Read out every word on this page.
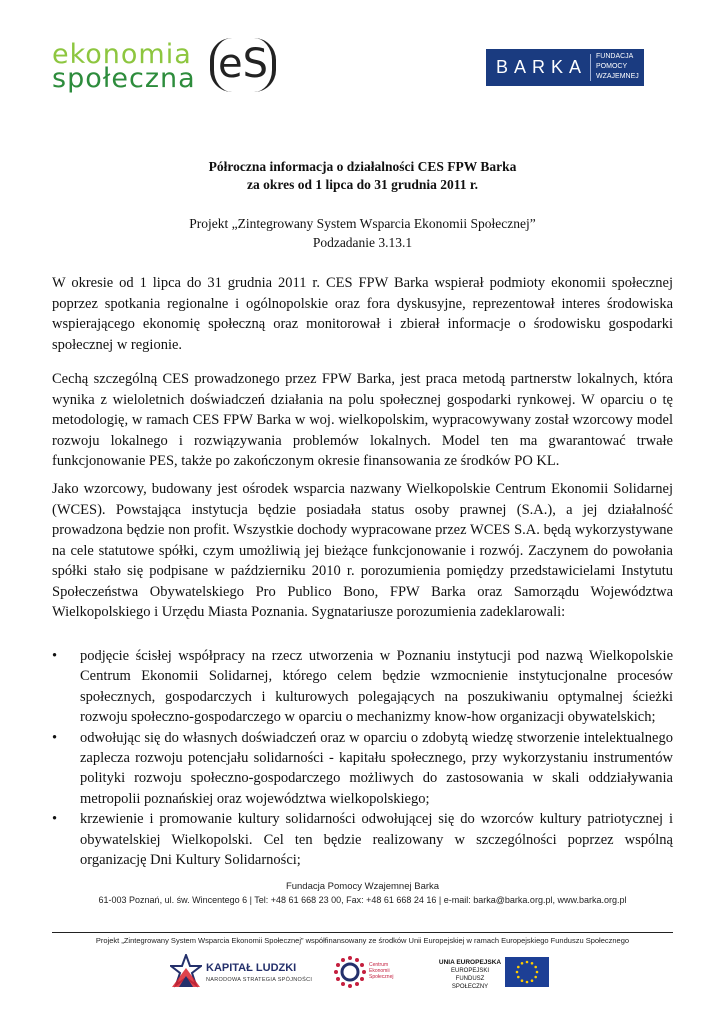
ekonomia
społeczna eS	BARKA
FUNDACJA
POMOCY
WZAJEMNEJ
Półroczna informacja o działalności CES FPW Barka
za okres od 1 lipca do 31 grudnia 2011 r.
Projekt „Zintegrowany System Wsparcia Ekonomii Społecznej”
Podzadanie 3.13.1
W okresie od 1 lipca do 31 grudnia 2011 r. CES FPW Barka wspierał podmioty ekonomii społecznej poprzez spotkania regionalne i ogólnopolskie oraz fora dyskusyjne, reprezentował interes środowiska wspierającego ekonomię społeczną oraz monitorował i zbierał informacje o środowisku gospodarki społecznej w regionie.
Cechą szczególną CES prowadzonego przez FPW Barka, jest praca metodą partnerstw lokalnych, która wynika z wieloletnich doświadczeń działania na polu społecznej gospodarki rynkowej. W oparciu o tę metodologię, w ramach CES FPW Barka w woj. wielkopolskim, wypracowywany został wzorcowy model rozwoju lokalnego i rozwiązywania problemów lokalnych. Model ten ma gwarantować trwałe funkcjonowanie PES, także po zakończonym okresie finansowania ze środków PO KL.
Jako wzorcowy, budowany jest ośrodek wsparcia nazwany Wielkopolskie Centrum Ekonomii Solidarnej (WCES). Powstająca instytucja będzie posiadała status osoby prawnej (S.A.), a jej działalność prowadzona będzie non profit. Wszystkie dochody wypracowane przez WCES S.A. będą wykorzystywane na cele statutowe spółki, czym umożliwią jej bieżące funkcjonowanie i rozwój. Zaczynem do powołania spółki stało się podpisane w październiku 2010 r. porozumienia pomiędzy przedstawicielami Instytutu Społeczeństwa Obywatelskiego Pro Publico Bono, FPW Barka oraz Samorządu Województwa Wielkopolskiego i Urzędu Miasta Poznania. Sygnatariusze porozumienia zadeklarowali:
• podjęcie ścisłej współpracy na rzecz utworzenia w Poznaniu instytucji pod nazwą Wielkopolskie Centrum Ekonomii Solidarnej, którego celem będzie wzmocnienie instytucjonalne procesów społecznych, gospodarczych i kulturowych polegających na poszukiwaniu optymalnej ścieżki rozwoju społeczno-gospodarczego w oparciu o mechanizmy know-how organizacji obywatelskich;
• odwołując się do własnych doświadczeń oraz w oparciu o zdobytą wiedzę stworzenie intelektualnego zaplecza rozwoju potencjału solidarności - kapitału społecznego, przy wykorzystaniu instrumentów polityki rozwoju społeczno-gospodarczego możliwych do zastosowania w skali oddziaływania metropolii poznańskiej oraz województwa wielkopolskiego;
• krzewienie i promowanie kultury solidarności odwołującej się do wzorców kultury patriotycznej i obywatelskiej Wielkopolski. Cel ten będzie realizowany w szczególności poprzez wspólną organizację Dni Kultury Solidarności;
Fundacja Pomocy Wzajemnej Barka
61-003 Poznań, ul. św. Wincentego 6 | Tel: +48 61 668 23 00, Fax: +48 61 668 24 16 | e-mail: barka@barka.org.pl, www.barka.org.pl
Projekt „Zintegrowany System Wsparcia Ekonomii Społecznej” współfinansowany ze środków Unii Europejskiej w ramach Europejskiego Funduszu Społecznego
KAPITAŁ LUDZKI
NARODOWA STRATEGIA SPÓJNOŚCI
Centrum
Ekonomii
Społecznej
UNIA EUROPEJSKA
EUROPEJSKI
FUNDUSZ SPOŁECZNY
